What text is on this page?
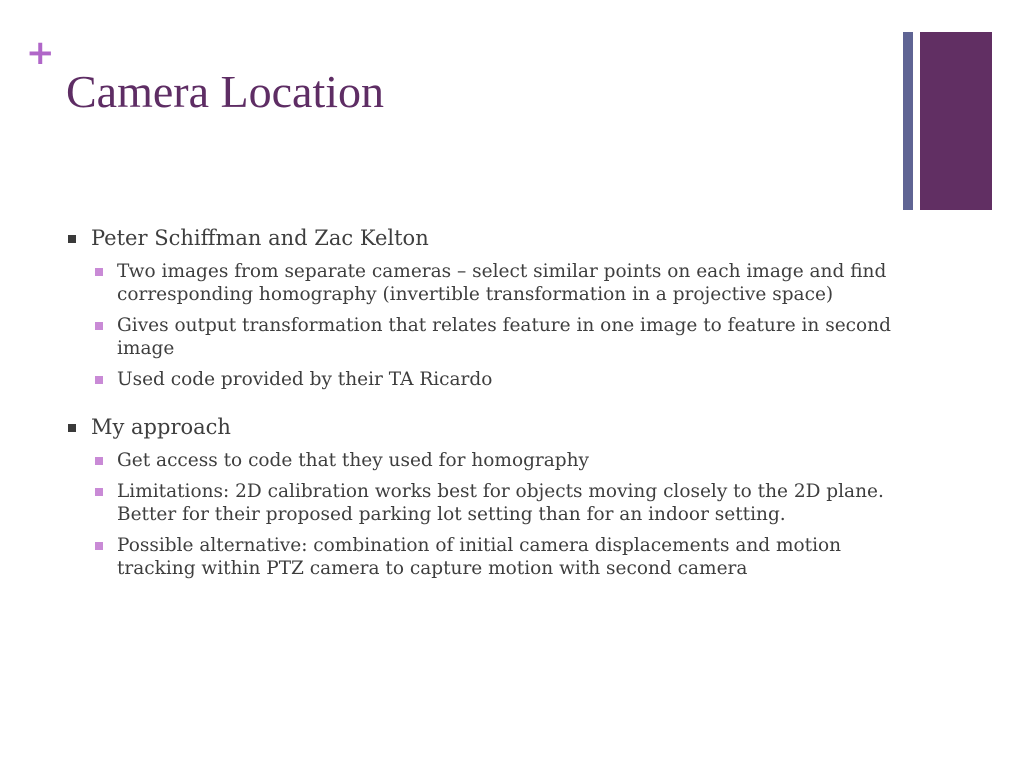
+
Camera Location
Peter Schiffman and Zac Kelton
Two images from separate cameras – select similar points on each image and find corresponding homography (invertible transformation in a projective space)
Gives output transformation that relates feature in one image to feature in second image
Used code provided by their TA Ricardo
My approach
Get access to code that they used for homography
Limitations: 2D calibration works best for objects moving closely to the 2D plane. Better for their proposed parking lot setting than for an indoor setting.
Possible alternative: combination of initial camera displacements and motion tracking within PTZ camera to capture motion with second camera
